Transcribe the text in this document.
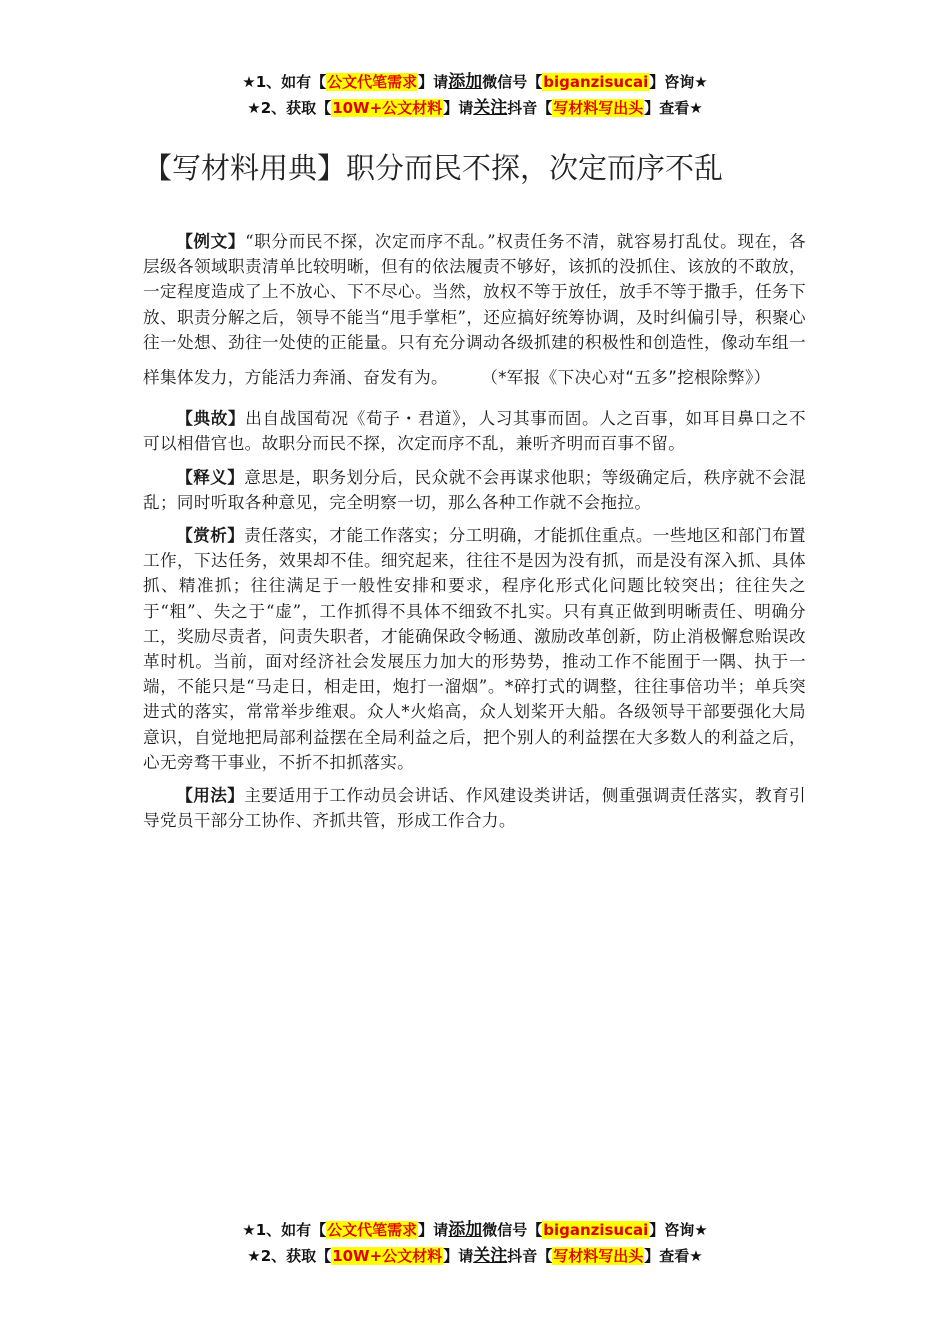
★1、如有【公文代笔需求】请添加微信号【biganzisucai】咨询★
★2、获取【10W+公文材料】请关注抖音【写材料写出头】查看★
【写材料用典】职分而民不探，次定而序不乱

【例文】“职分而民不探，次定而序不乱。”权责任务不清，就容易打乱仗。现在，各层级各领域职责清单比较明晰，但有的依法履责不够好，该抓的没抓住、该放的不敢放，一定程度造成了上不放心、下不尽心。当然，放权不等于放任，放手不等于撒手，任务下放、职责分解之后，领导不能当“甩手掌柜”，还应搞好统筹协调，及时纠偏引导，积聚心往一处想、劲往一处使的正能量。只有充分调动各级抓建的积极性和创造性，像动车组一样集体发力，方能活力奔涌、奋发有为。 （*军报《下决心对“五多”挖根除弊》）

【典故】出自战国荀况《荀子・君道》，人习其事而固。人之百事，如耳目鼻口之不可以相借官也。故职分而民不探，次定而序不乱，兼听齐明而百事不留。

【释义】意思是，职务划分后，民众就不会再谋求他职；等级确定后，秩序就不会混乱；同时听取各种意见，完全明察一切，那么各种工作就不会拖拉。

【赏析】责任落实，才能工作落实；分工明确，才能抓住重点。一些地区和部门布置工作，下达任务，效果却不佳。细究起来，往往不是因为没有抓，而是没有深入抓、具体抓、精准抓；往往满足于一般性安排和要求，程序化形式化问题比较突出；往往失之于“粗”、失之于“虚”，工作抓得不具体不细致不扎实。只有真正做到明晰责任、明确分工，奖励尽责者，问责失职者，才能确保政令畅通、激励改革创新，防止消极懈怠贻误改革时机。当前，面对经济社会发展压力加大的形势势，推动工作不能囿于一隅、执于一端，不能只是“马走日，相走田，炮打一溜烟”。*碎打式的调整，往往事倍功半；单兵突进式的落实，常常举步维艰。众人*火焰高，众人划桨开大船。各级领导干部要强化大局意识，自觉地把局部利益摆在全局利益之后，把个别人的利益摆在大多数人的利益之后，心无旁骛干事业，不折不扣抓落实。

【用法】主要适用于工作动员会讲话、作风建设类讲话，侧重强调责任落实，教育引导党员干部分工协作、齐抓共管，形成工作合力。

★1、如有【公文代笔需求】请添加微信号【biganzisucai】咨询★
★2、获取【10W+公文材料】请关注抖音【写材料写出头】查看★
